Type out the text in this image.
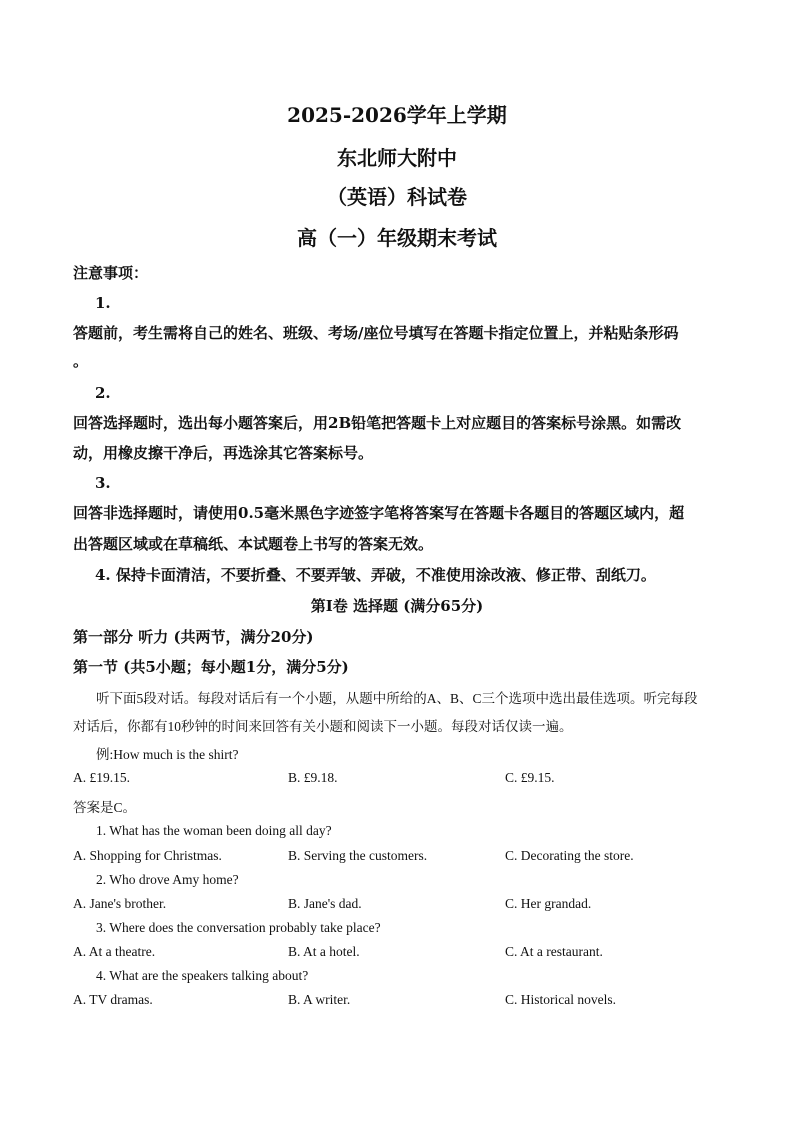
2025-2026学年上学期
东北师大附中
（英语）科试卷
高（一）年级期末考试
注意事项：
1.
答题前，考生需将自己的姓名、班级、考场/座位号填写在答题卡指定位置上，并粘贴条形码
。
2.
回答选择题时，选出每小题答案后，用2B铅笔把答题卡上对应题目的答案标号涂黑。如需改
动，用橡皮擦干净后，再选涂其它答案标号。
3.
回答非选择题时，请使用0.5毫米黑色字迹签字笔将答案写在答题卡各题目的答题区域内，超
出答题区域或在草稿纸、本试题卷上书写的答案无效。
4. 保持卡面清洁，不要折叠、不要弄皱、弄破，不准使用涂改液、修正带、刮纸刀。
第I卷 选择题 (满分65分)
第一部分 听力 (共两节，满分20分)
第一节 (共5小题；每小题1分，满分5分)
听下面5段对话。每段对话后有一个小题，从题中所给的A、B、C三个选项中选出最佳选项。听完每段
对话后，你都有10秒钟的时间来回答有关小题和阅读下一小题。每段对话仅读一遍。
例:How much is the shirt?
A. £19.15.	B. £9.18.	C. £9.15.
答案是C。
1. What has the woman been doing all day?
A. Shopping for Christmas.	B. Serving the customers.	C. Decorating the store.
2. Who drove Amy home?
A. Jane's brother.	B. Jane's dad.	C. Her grandad.
3. Where does the conversation probably take place?
A. At a theatre.	B. At a hotel.	C. At a restaurant.
4. What are the speakers talking about?
A. TV dramas.	B. A writer.	C. Historical novels.
